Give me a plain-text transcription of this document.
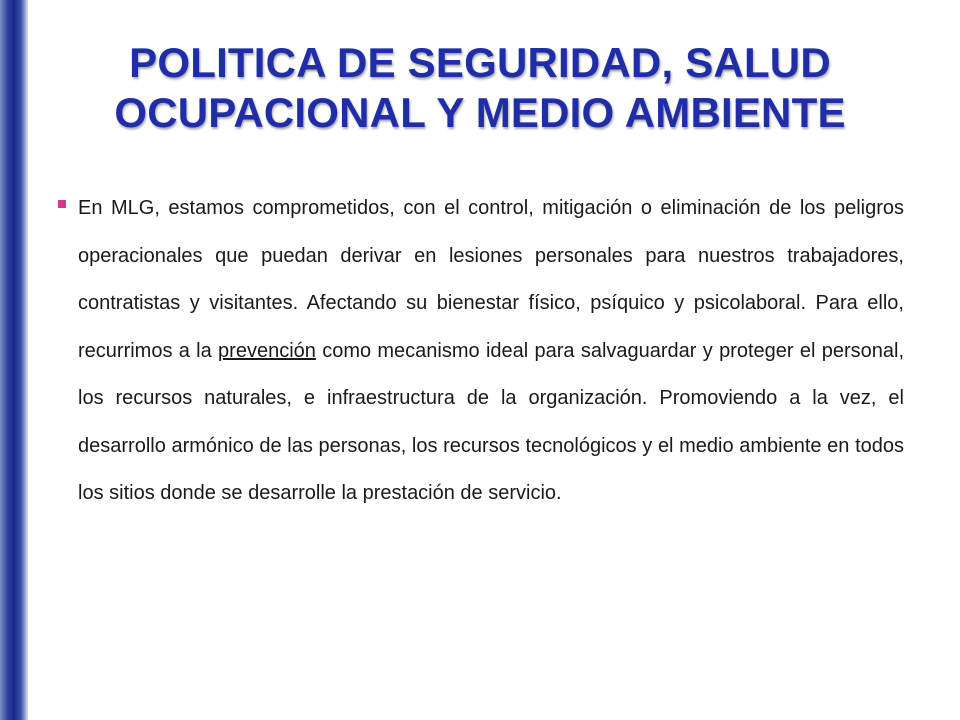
POLITICA DE SEGURIDAD, SALUD
OCUPACIONAL Y MEDIO AMBIENTE

En MLG, estamos comprometidos, con el control, mitigación o eliminación de los peligros operacionales que puedan derivar en lesiones personales para nuestros trabajadores, contratistas y visitantes. Afectando su bienestar físico, psíquico y psicolaboral. Para ello, recurrimos a la prevención como mecanismo ideal para salvaguardar y proteger el personal, los recursos naturales, e infraestructura de la organización. Promoviendo a la vez, el desarrollo armónico de las personas, los recursos tecnológicos y el medio ambiente en todos los sitios donde se desarrolle la prestación de servicio.
